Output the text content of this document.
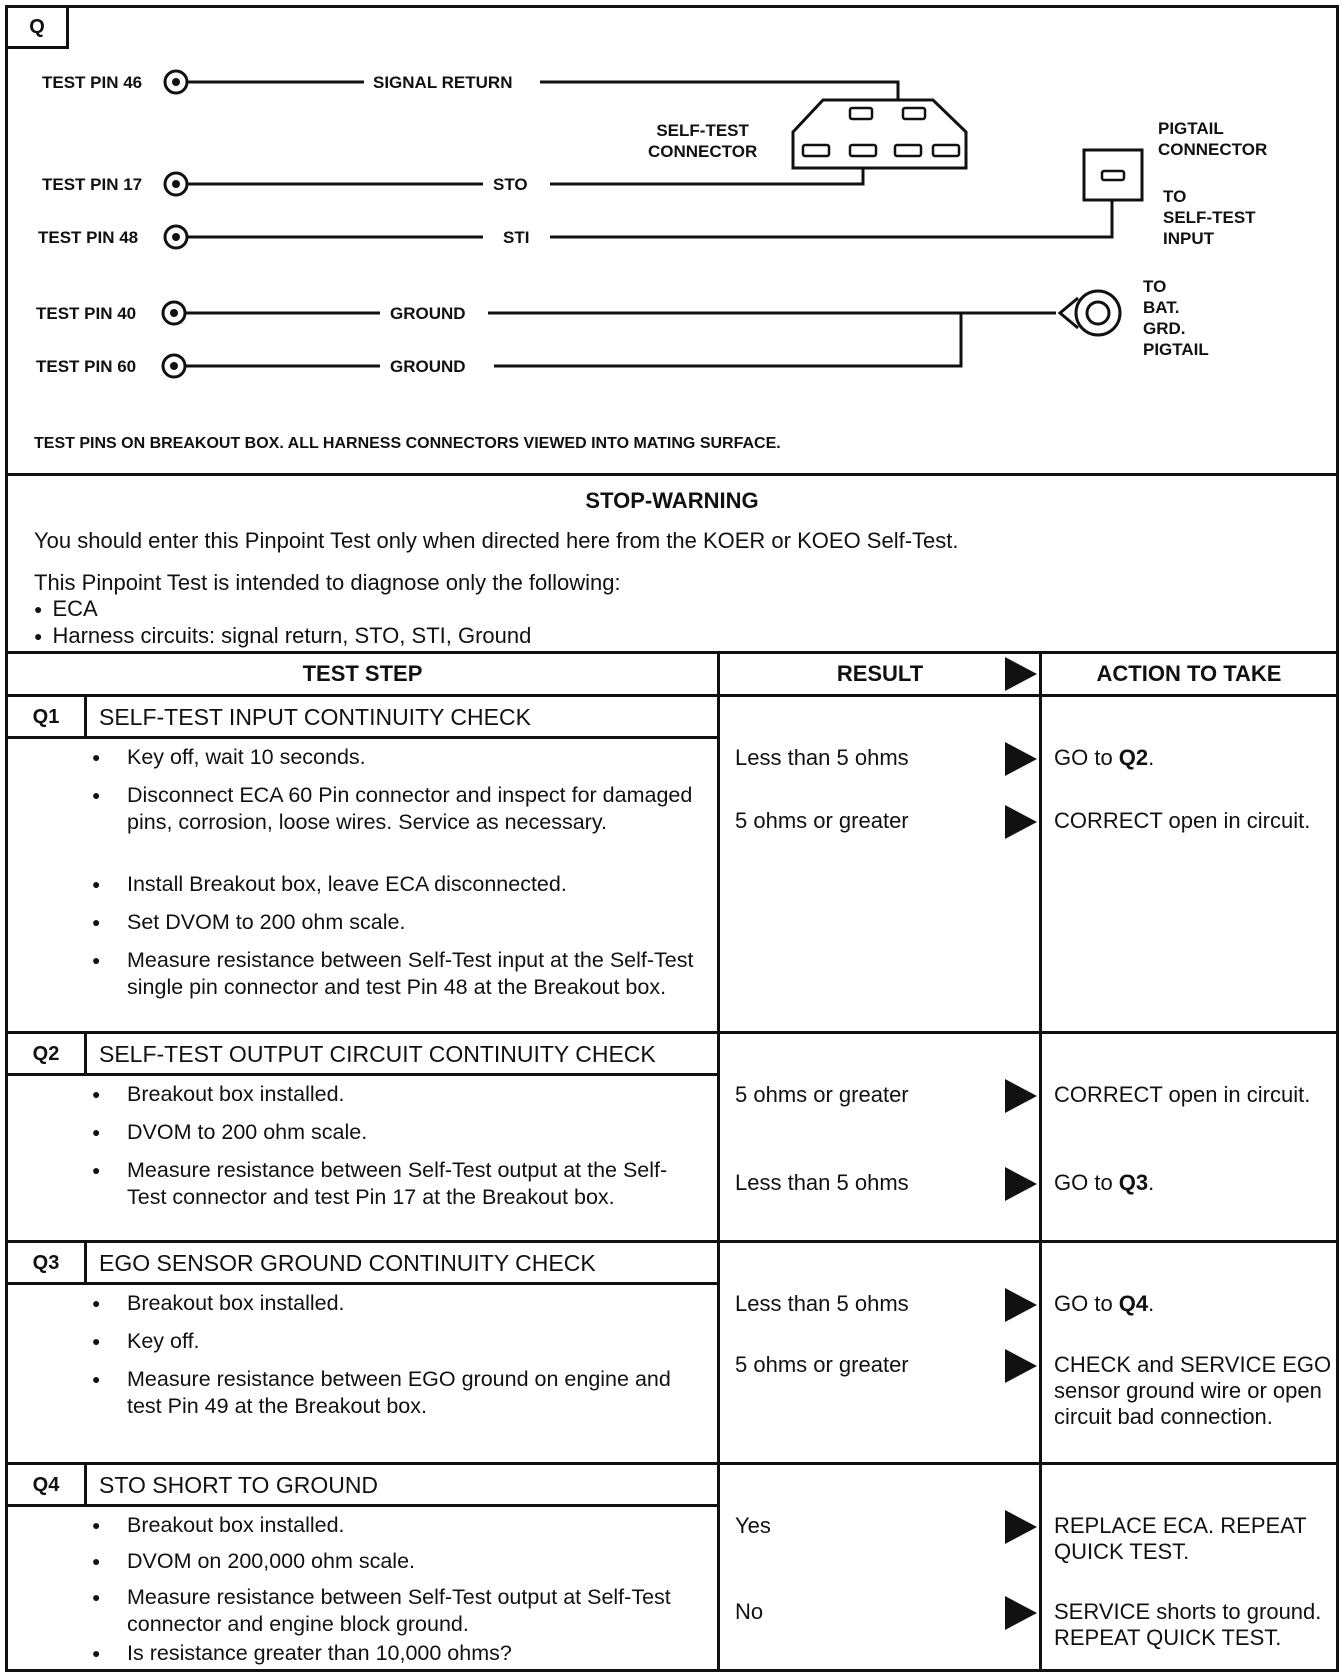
Q
TEST PIN 46	SIGNAL RETURN
TEST PIN 17	STO
TEST PIN 48	STI
TEST PIN 40	GROUND
TEST PIN 60	GROUND
SELF-TEST
CONNECTOR
PIGTAIL
CONNECTOR
TO
SELF-TEST
INPUT
TO
BAT.
GRD.
PIGTAIL
TEST PINS ON BREAKOUT BOX. ALL HARNESS CONNECTORS VIEWED INTO MATING SURFACE.
STOP-WARNING
You should enter this Pinpoint Test only when directed here from the KOER or KOEO Self-Test.
This Pinpoint Test is intended to diagnose only the following:
● ECA
● Harness circuits: signal return, STO, STI, Ground
TEST STEP	RESULT	ACTION TO TAKE
Q1	SELF-TEST INPUT CONTINUITY CHECK
● Key off, wait 10 seconds.
● Disconnect ECA 60 Pin connector and inspect for damaged pins, corrosion, loose wires. Service as necessary.
● Install Breakout box, leave ECA disconnected.
● Set DVOM to 200 ohm scale.
● Measure resistance between Self-Test input at the Self-Test single pin connector and test Pin 48 at the Breakout box.
Less than 5 ohms	GO to Q2.
5 ohms or greater	CORRECT open in circuit.
Q2	SELF-TEST OUTPUT CIRCUIT CONTINUITY CHECK
● Breakout box installed.
● DVOM to 200 ohm scale.
● Measure resistance between Self-Test output at the Self-Test connector and test Pin 17 at the Breakout box.
5 ohms or greater	CORRECT open in circuit.
Less than 5 ohms	GO to Q3.
Q3	EGO SENSOR GROUND CONTINUITY CHECK
● Breakout box installed.
● Key off.
● Measure resistance between EGO ground on engine and test Pin 49 at the Breakout box.
Less than 5 ohms	GO to Q4.
5 ohms or greater	CHECK and SERVICE EGO sensor ground wire or open circuit bad connection.
Q4	STO SHORT TO GROUND
● Breakout box installed.
● DVOM on 200,000 ohm scale.
● Measure resistance between Self-Test output at Self-Test connector and engine block ground.
● Is resistance greater than 10,000 ohms?
Yes	REPLACE ECA. REPEAT QUICK TEST.
No	SERVICE shorts to ground. REPEAT QUICK TEST.
